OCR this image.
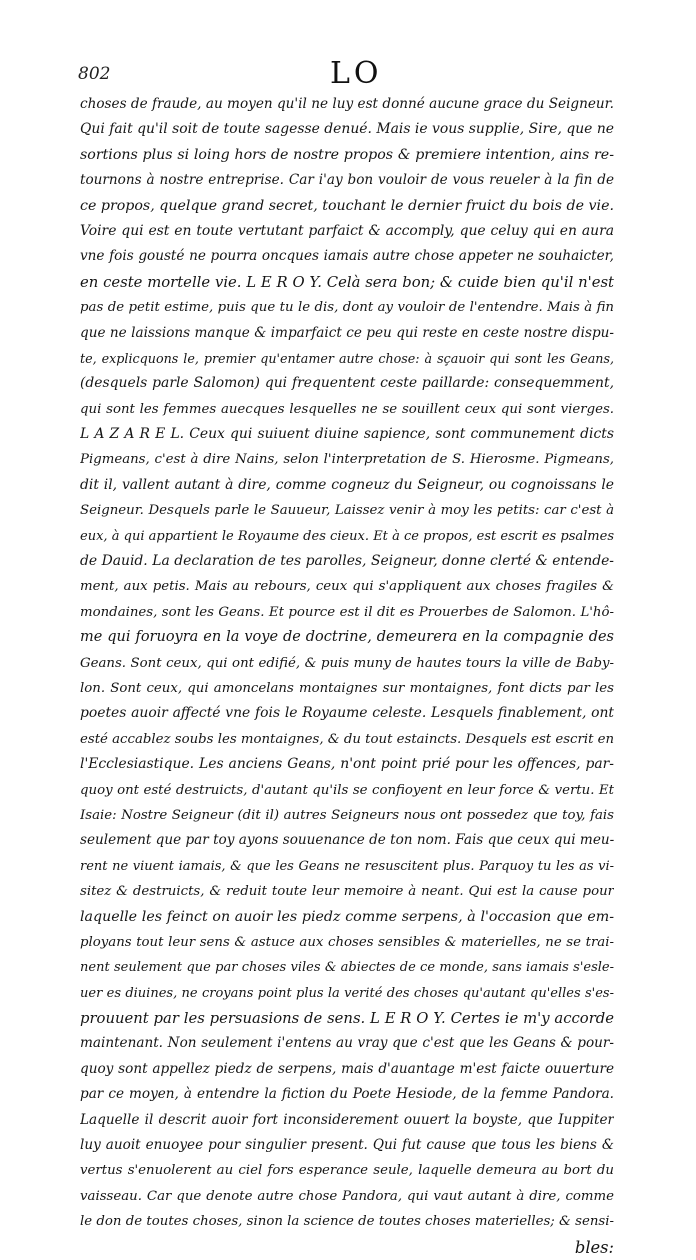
802	LO
choses de fraude, au moyen qu'il ne luy est donné aucune grace du Seigneur.
Qui fait qu'il soit de toute sagesse denué. Mais ie vous supplie, Sire, que ne
sortions plus si loing hors de nostre propos & premiere intention, ains re-
tournons à nostre entreprise. Car i'ay bon vouloir de vous reueler à la fin de
ce propos, quelque grand secret, touchant le dernier fruict du bois de vie.
Voire qui est en toute vertutant parfaict & accomply, que celuy qui en aura
vne fois gousté ne pourra oncques iamais autre chose appeter ne souhaicter,
en ceste mortelle vie. L E R O Y. Celà sera bon; & cuide bien qu'il n'est
pas de petit estime, puis que tu le dis, dont ay vouloir de l'entendre. Mais à fin
que ne laissions manque & imparfaict ce peu qui reste en ceste nostre dispu-
te, explicquons le, premier qu'entamer autre chose: à sçauoir qui sont les Geans,
(desquels parle Salomon) qui frequentent ceste paillarde: consequemment,
qui sont les femmes auecques lesquelles ne se souillent ceux qui sont vierges.
L A Z A R E L. Ceux qui suiuent diuine sapience, sont communement dicts
Pigmeans, c'est à dire Nains, selon l'interpretation de S. Hierosme. Pigmeans,
dit il, vallent autant à dire, comme cogneuz du Seigneur, ou cognoissans le
Seigneur. Desquels parle le Sauueur, Laissez venir à moy les petits: car c'est à
eux, à qui appartient le Royaume des cieux. Et à ce propos, est escrit es psalmes
de Dauid. La declaration de tes parolles, Seigneur, donne clerté & entende-
ment, aux petis. Mais au rebours, ceux qui s'appliquent aux choses fragiles &
mondaines, sont les Geans. Et pource est il dit es Prouerbes de Salomon. L'hô-
me qui foruoyra en la voye de doctrine, demeurera en la compagnie des
Geans. Sont ceux, qui ont edifié, & puis muny de hautes tours la ville de Baby-
lon. Sont ceux, qui amoncelans montaignes sur montaignes, font dicts par les
poetes auoir affecté vne fois le Royaume celeste. Lesquels finablement, ont
esté accablez soubs les montaignes, & du tout estaincts. Desquels est escrit en
l'Ecclesiastique. Les anciens Geans, n'ont point prié pour les offences, par-
quoy ont esté destruicts, d'autant qu'ils se confioyent en leur force & vertu. Et
Isaie: Nostre Seigneur (dit il) autres Seigneurs nous ont possedez que toy, fais
seulement que par toy ayons souuenance de ton nom. Fais que ceux qui meu-
rent ne viuent iamais, & que les Geans ne resuscitent plus. Parquoy tu les as vi-
sitez & destruicts, & reduit toute leur memoire à neant. Qui est la cause pour
laquelle les feinct on auoir les piedz comme serpens, à l'occasion que em-
ployans tout leur sens & astuce aux choses sensibles & materielles, ne se trai-
nent seulement que par choses viles & abiectes de ce monde, sans iamais s'esle-
uer es diuines, ne croyans point plus la verité des choses qu'autant qu'elles s'es-
prouuent par les persuasions de sens. L E R O Y. Certes ie m'y accorde
maintenant. Non seulement i'entens au vray que c'est que les Geans & pour-
quoy sont appellez piedz de serpens, mais d'auantage m'est faicte ouuerture
par ce moyen, à entendre la fiction du Poete Hesiode, de la femme Pandora.
Laquelle il descrit auoir fort inconsiderement ouuert la boyste, que Iuppiter
luy auoit enuoyee pour singulier present. Qui fut cause que tous les biens &
vertus s'enuolerent au ciel fors esperance seule, laquelle demeura au bort du
vaisseau. Car que denote autre chose Pandora, qui vaut autant à dire, comme
le don de toutes choses, sinon la science de toutes choses materielles; & sensi-
bles:
